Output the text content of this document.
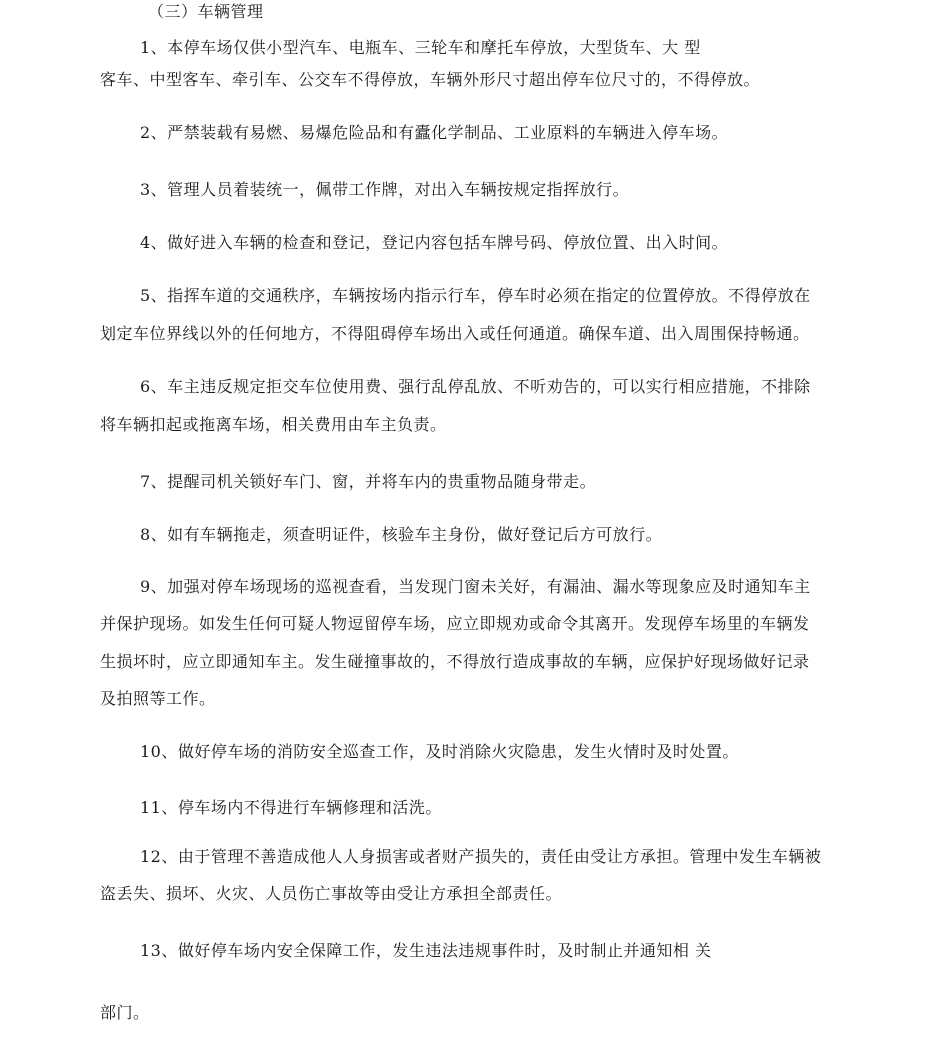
（三）车辆管理
1、本停车场仅供小型汽车、电瓶车、三轮车和摩托车停放，大型货车、大 型
客车、中型客车、牵引车、公交车不得停放，车辆外形尺寸超出停车位尺寸的，不得停放。
2、严禁装载有易燃、易爆危险品和有蠹化学制品、工业原料的车辆进入停车场。
3、管理人员着装统一，佩带工作牌，对出入车辆按规定指挥放行。
4、做好进入车辆的检查和登记，登记内容包括车牌号码、停放位置、出入时间。
5、指挥车道的交通秩序，车辆按场内指示行车，停车时必须在指定的位置停放。不得停放在
划定车位界线以外的任何地方，不得阻碍停车场出入或任何通道。确保车道、出入周围保持畅通。
6、车主违反规定拒交车位使用费、强行乱停乱放、不听劝告的，可以实行相应措施，不排除
将车辆扣起或拖离车场，相关费用由车主负责。
7、提醒司机关锁好车门、窗，并将车内的贵重物品随身带走。
8、如有车辆拖走，须查明证件，核验车主身份，做好登记后方可放行。
9、加强对停车场现场的巡视查看，当发现门窗未关好，有漏油、漏水等现象应及时通知车主
并保护现场。如发生任何可疑人物逗留停车场，应立即规劝或命令其离开。发现停车场里的车辆发
生损坏时，应立即通知车主。发生碰撞事故的，不得放行造成事故的车辆，应保护好现场做好记录
及拍照等工作。
10、做好停车场的消防安全巡查工作，及时消除火灾隐患，发生火情时及时处置。
11、停车场内不得进行车辆修理和活洗。
12、由于管理不善造成他人人身损害或者财产损失的，责任由受让方承担。管理中发生车辆被
盗丢失、损坏、火灾、人员伤亡事故等由受让方承担全部责任。
13、做好停车场内安全保障工作，发生违法违规事件时，及时制止并通知相 关
部门。
